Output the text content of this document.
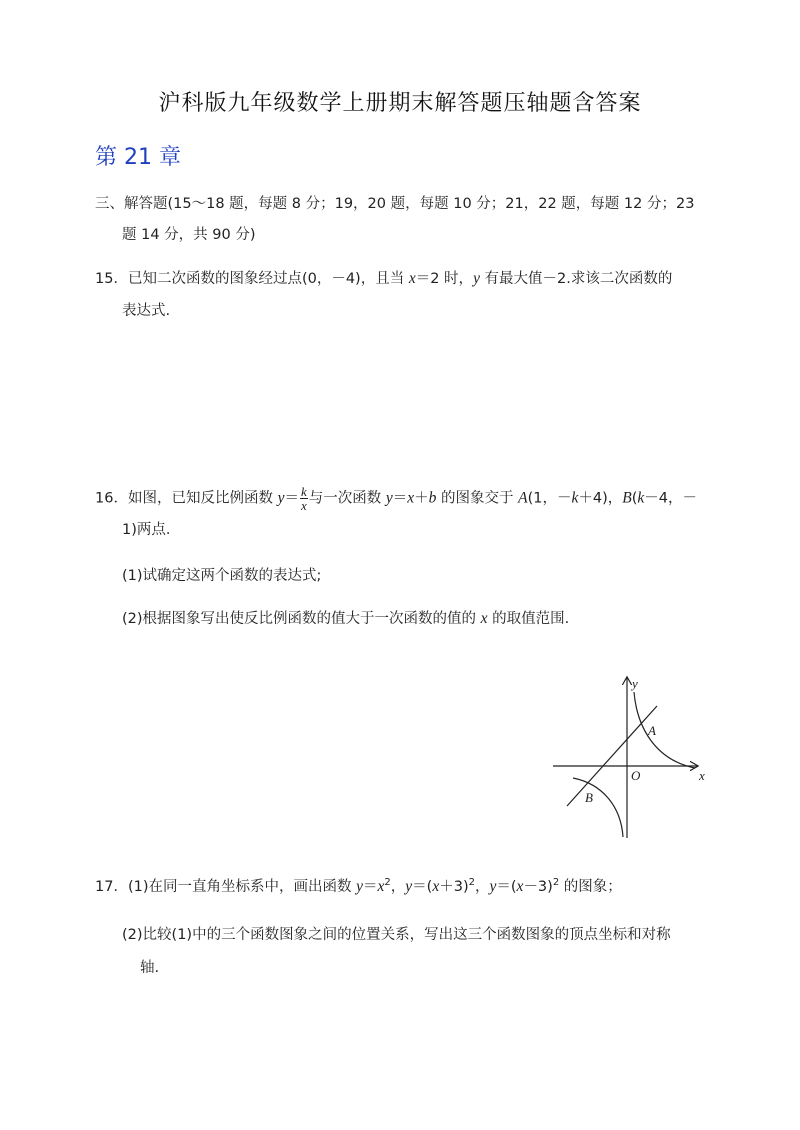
沪科版九年级数学上册期末解答题压轴题含答案
第 21 章
三、解答题(15～18 题，每题 8 分；19，20 题，每题 10 分；21，22 题，每题 12 分；23
题 14 分，共 90 分)
15．已知二次函数的图象经过点(0，－4)，且当 x＝2 时，y 有最大值－2.求该二次函数的
表达式.
16．如图，已知反比例函数 $y= \frac{k}{x}$ 与一次函数 y＝x＋b 的图象交于 A(1，－k＋4)，B(k－4，－
1)两点．
(1)试确定这两个函数的表达式;
(2)根据图象写出使反比例函数的值大于一次函数的值的 x 的取值范围.
y
x
O
A
B
17．(1)在同一直角坐标系中，画出函数 $y=x^2$，$y=(x+3)^2$，$y=(x-3)^2$ 的图象；
(2)比较(1)中的三个函数图象之间的位置关系，写出这三个函数图象的顶点坐标和对称
轴.
